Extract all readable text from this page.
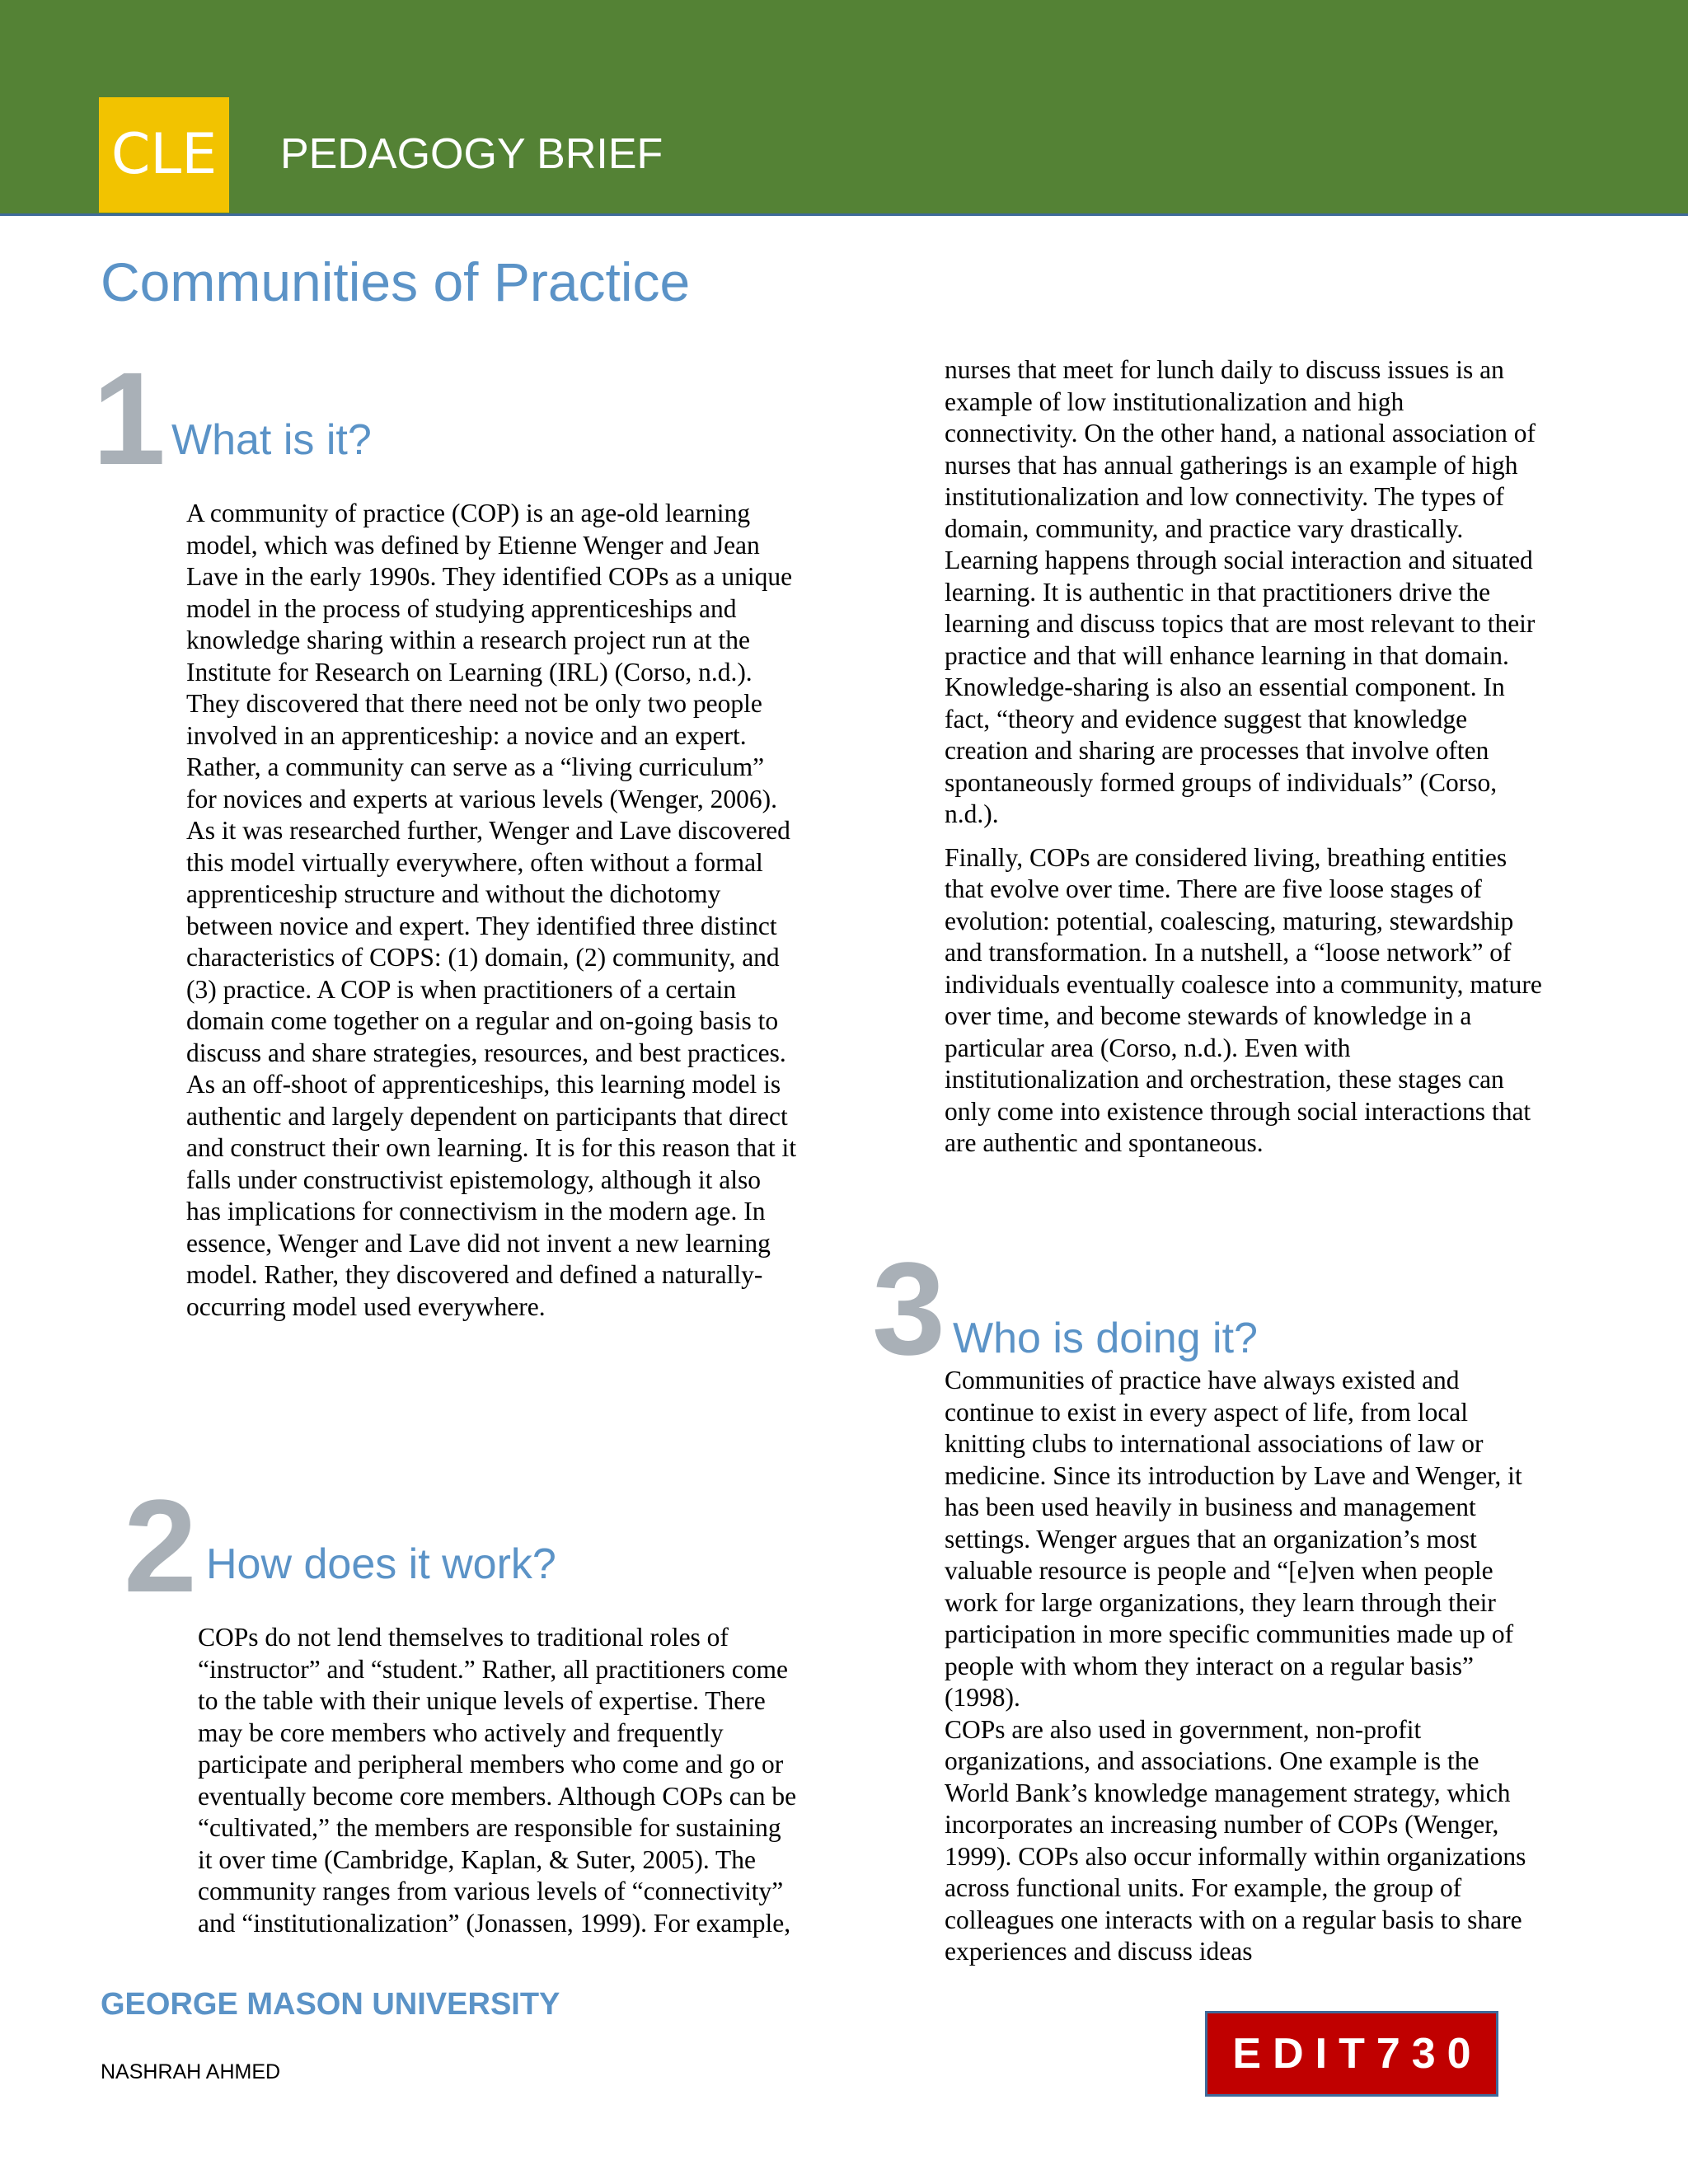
CLE PEDAGOGY BRIEF
Communities of Practice
1 What is it?

A community of practice (COP) is an age-old learning model, which was defined by Etienne Wenger and Jean Lave in the early 1990s. They identified COPs as a unique model in the process of studying apprenticeships and knowledge sharing within a research project run at the Institute for Research on Learning (IRL) (Corso, n.d.). They discovered that there need not be only two people involved in an apprenticeship: a novice and an expert. Rather, a community can serve as a “living curriculum” for novices and experts at various levels (Wenger, 2006). As it was researched further, Wenger and Lave discovered this model virtually everywhere, often without a formal apprenticeship structure and without the dichotomy between novice and expert. They identified three distinct characteristics of COPS: (1) domain, (2) community, and (3) practice. A COP is when practitioners of a certain domain come together on a regular and on-going basis to discuss and share strategies, resources, and best practices. As an off-shoot of apprenticeships, this learning model is authentic and largely dependent on participants that direct and construct their own learning. It is for this reason that it falls under constructivist epistemology, although it also has implications for connectivism in the modern age. In essence, Wenger and Lave did not invent a new learning model. Rather, they discovered and defined a naturally-occurring model used everywhere.

2 How does it work?

COPs do not lend themselves to traditional roles of “instructor” and “student.” Rather, all practitioners come to the table with their unique levels of expertise. There may be core members who actively and frequently participate and peripheral members who come and go or eventually become core members. Although COPs can be “cultivated,” the members are responsible for sustaining it over time (Cambridge, Kaplan, & Suter, 2005). The community ranges from various levels of “connectivity” and “institutionalization” (Jonassen, 1999). For example,

nurses that meet for lunch daily to discuss issues is an example of low institutionalization and high connectivity. On the other hand, a national association of nurses that has annual gatherings is an example of high institutionalization and low connectivity. The types of domain, community, and practice vary drastically. Learning happens through social interaction and situated learning. It is authentic in that practitioners drive the learning and discuss topics that are most relevant to their practice and that will enhance learning in that domain. Knowledge-sharing is also an essential component. In fact, “theory and evidence suggest that knowledge creation and sharing are processes that involve often spontaneously formed groups of individuals” (Corso, n.d.).

Finally, COPs are considered living, breathing entities that evolve over time. There are five loose stages of evolution: potential, coalescing, maturing, stewardship and transformation. In a nutshell, a “loose network” of individuals eventually coalesce into a community, mature over time, and become stewards of knowledge in a particular area (Corso, n.d.). Even with institutionalization and orchestration, these stages can only come into existence through social interactions that are authentic and spontaneous.

3 Who is doing it?

Communities of practice have always existed and continue to exist in every aspect of life, from local knitting clubs to international associations of law or medicine. Since its introduction by Lave and Wenger, it has been used heavily in business and management settings. Wenger argues that an organization’s most valuable resource is people and “[e]ven when people work for large organizations, they learn through their participation in more specific communities made up of people with whom they interact on a regular basis” (1998).

COPs are also used in government, non-profit organizations, and associations. One example is the World Bank’s knowledge management strategy, which incorporates an increasing number of COPs (Wenger, 1999). COPs also occur informally within organizations across functional units. For example, the group of colleagues one interacts with on a regular basis to share experiences and discuss ideas

GEORGE MASON UNIVERSITY
NASHRAH AHMED	EDIT730
